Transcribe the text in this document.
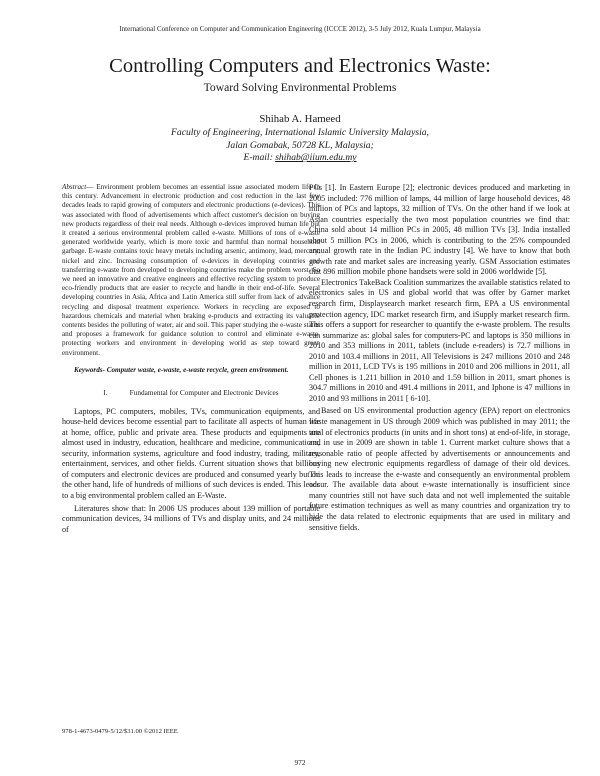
International Conference on Computer and Communication Engineering (ICCCE 2012), 3-5 July 2012, Kuala Lumpur, Malaysia
Controlling Computers and Electronics Waste:
Toward Solving Environmental Problems
Shihab A. Hameed
Faculty of Engineering, International Islamic University Malaysia,
Jalan Gomabak, 50728 KL, Malaysia;
E-mail: shihab@iium.edu.my

Abstract— Environment problem becomes an essential issue associated modern life in this century. Advancement in electronic production and cost reduction in the last few decades leads to rapid growing of computers and electronic productions (e-devices). This was associated with flood of advertisements which affect customer's decision on buying new products regardless of their real needs. Although e-devices improved human life but it created a serious environmental problem called e-waste. Millions of tons of e-waste generated worldwide yearly, which is more toxic and harmful than normal household garbage. E-waste contains toxic heavy metals including arsenic, antimony, lead, mercury, nickel and zinc. Increasing consumption of e-devices in developing countries and transferring e-waste from developed to developing countries make the problem worst. So we need an innovative and creative engineers and effective recycling system to produce eco-friendly products that are easier to recycle and handle in their end-of-life. Several developing countries in Asia, Africa and Latin America still suffer from lack of advance recycling and disposal treatment experience. Workers in recycling are exposed to hazardous chemicals and material when braking e-products and extracting its valuable contents besides the polluting of water, air and soil. This paper studying the e-waste status and proposes a framework for guidance solution to control and eliminate e-waste, protecting workers and environment in developing world as step toward green environment.

Keywords- Computer waste, e-waste, e-waste recycle, green environment.

I.	Fundamental for Computer and Electronic Devices

Laptops, PC computers, mobiles, TVs, communication equipments, and house-held devices become essential part to facilitate all aspects of human life at home, office, public and private area. These products and equipments are almost used in industry, education, healthcare and medicine, communications, security, information systems, agriculture and food industry, trading, military, entertainment, services, and other fields. Current situation shows that billions of computers and electronic devices are produced and consumed yearly but on the other hand, life of hundreds of millions of such devices is ended. This leads to a big environmental problem called an E-Waste.

Literatures show that: In 2006 US produces about 139 million of portable communication devices, 34 millions of TVs and display units, and 24 millions of

PCs [1]. In Eastern Europe [2]; electronic devices produced and marketing in 2005 included: 776 million of lamps, 44 million of large household devices, 48 million of PCs and laptops, 32 million of TVs. On the other hand if we look at Asian countries especially the two most population countries we find that: China sold about 14 million PCs in 2005, 48 million TVs [3]. India installed about 5 million PCs in 2006, which is contributing to the 25% compounded annual growth rate in the Indian PC industry [4]. We have to know that both growth rate and market sales are increasing yearly. GSM Association estimates that 896 million mobile phone handsets were sold in 2006 worldwide [5].

Electronics TakeBack Coalition summarizes the available statistics related to electronics sales in US and global world that was offer by Garner market research firm, Displaysearch market research firm, EPA a US environmental protection agency, IDC market research firm, and iSupply market research firm. This offers a support for researcher to quantify the e-waste problem. The results can summarize as: global sales for computers-PC and laptops is 350 millions in 2010 and 353 millions in 2011, tablets (include e-readers) is 72.7 millions in 2010 and 103.4 millions in 2011, All Televisions is 247 millions 2010 and 248 million in 2011, LCD TVs is 195 millions in 2010 and 206 millions in 2011, all Cell phones is 1.211 billion in 2010 and 1.59 billion in 2011, smart phones is 304.7 millions in 2010 and 491.4 millions in 2011, and Iphone is 47 millions in 2010 and 93 millions in 2011 [ 6-10].

Based on US environmental production agency (EPA) report on electronics waste management in US through 2009 which was published in may 2011; the total of electronics products (in units and in short tons) at end-of-life, in storage, and in use in 2009 are shown in table 1. Current market culture shows that a reasonable ratio of people affected by advertisements or announcements and buying new electronic equipments regardless of damage of their old devices. This leads to increase the e-waste and consequently an environmental problem occur. The available data about e-waste internationally is insufficient since many countries still not have such data and not well implemented the suitable future estimation techniques as well as many countries and organization try to hide the data related to electronic equipments that are used in military and sensitive fields.

978-1-4673-0479-5/12/$31.00 ©2012 IEEE
972
